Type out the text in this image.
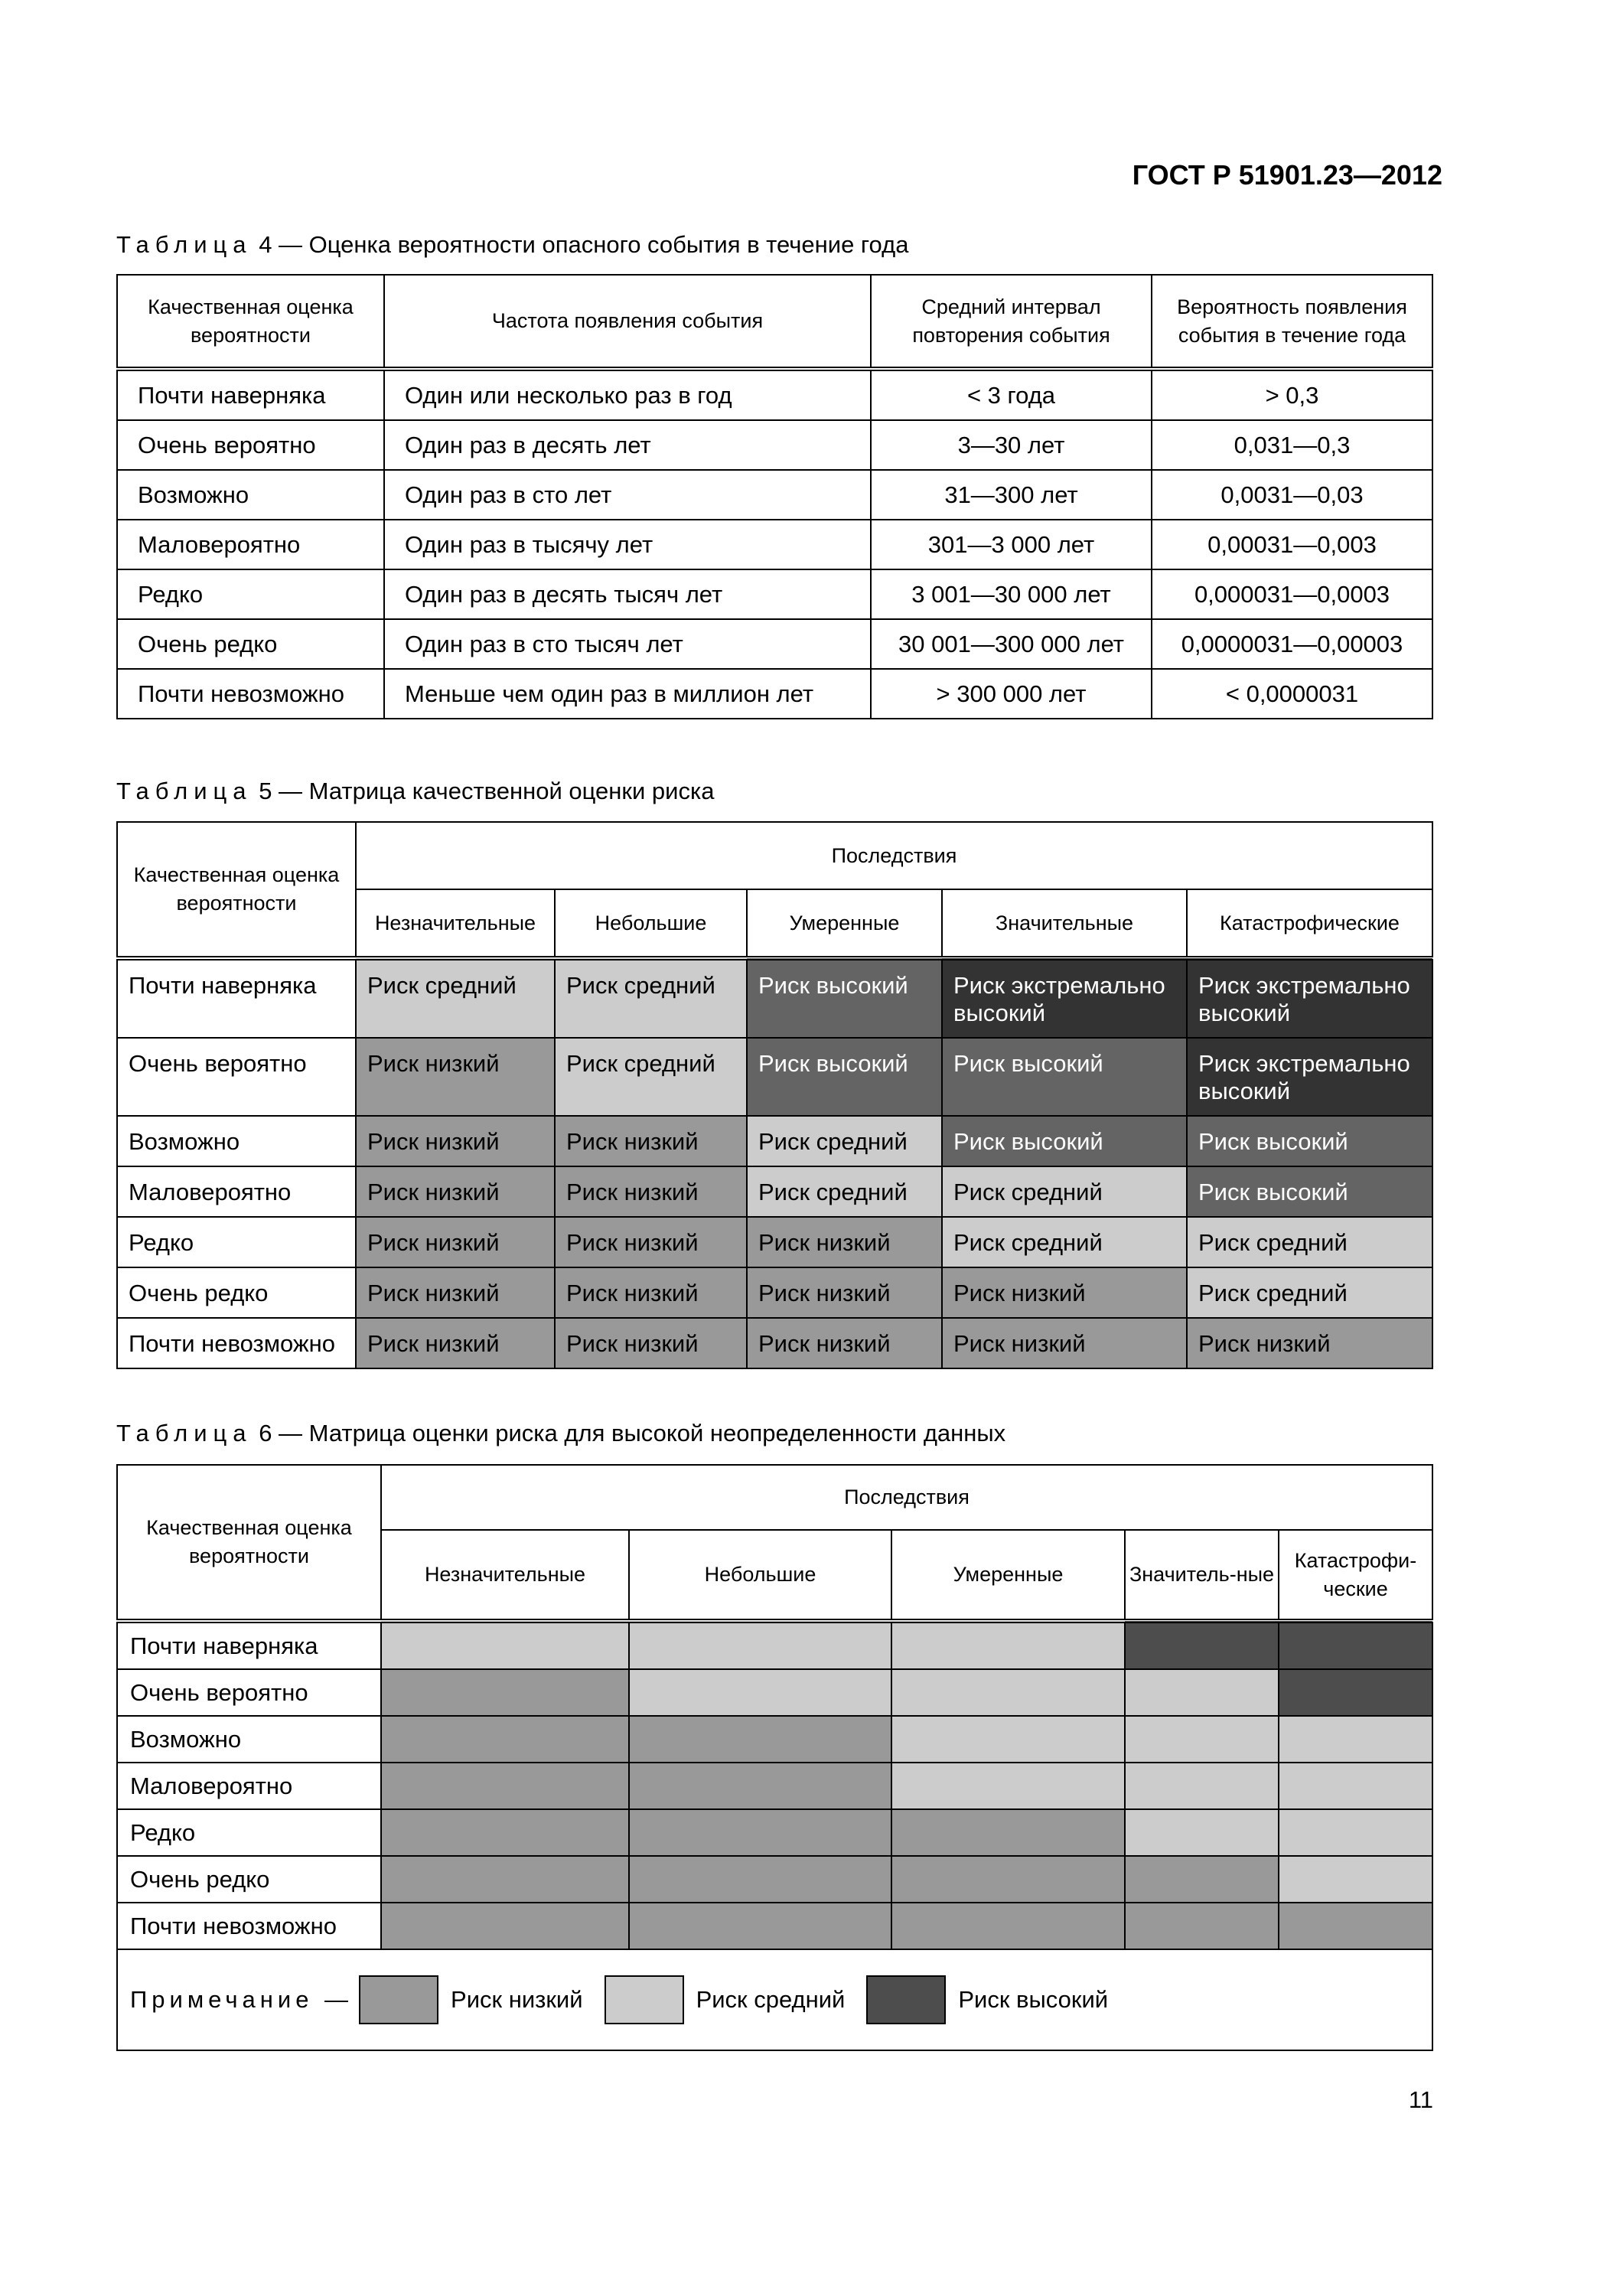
ГОСТ Р 51901.23—2012
Таблица 4 — Оценка вероятности опасного события в течение года
Качественная оценка вероятности	Частота появления события	Средний интервал повторения события	Вероятность появления события в течение года
Почти наверняка	Один или несколько раз в год	< 3 года	> 0,3
Очень вероятно	Один раз в десять лет	3—30 лет	0,031—0,3
Возможно	Один раз в сто лет	31—300 лет	0,0031—0,03
Маловероятно	Один раз в тысячу лет	301—3 000 лет	0,00031—0,003
Редко	Один раз в десять тысяч лет	3 001—30 000 лет	0,000031—0,0003
Очень редко	Один раз в сто тысяч лет	30 001—300 000 лет	0,0000031—0,00003
Почти невозможно	Меньше чем один раз в миллион лет	> 300 000 лет	< 0,0000031
Таблица 5 — Матрица качественной оценки риска
Качественная оценка вероятности	Последствия				
	Незначительные	Небольшие	Умеренные	Значительные	Катастрофические
Почти наверняка	Риск средний	Риск средний	Риск высокий	Риск экстремально высокий	Риск экстремально высокий
Очень вероятно	Риск низкий	Риск средний	Риск высокий	Риск высокий	Риск экстремально высокий
Возможно	Риск низкий	Риск низкий	Риск средний	Риск высокий	Риск высокий
Маловероятно	Риск низкий	Риск низкий	Риск средний	Риск средний	Риск высокий
Редко	Риск низкий	Риск низкий	Риск низкий	Риск средний	Риск средний
Очень редко	Риск низкий	Риск низкий	Риск низкий	Риск низкий	Риск средний
Почти невозможно	Риск низкий	Риск низкий	Риск низкий	Риск низкий	Риск низкий
Таблица 6 — Матрица оценки риска для высокой неопределенности данных
Качественная оценка вероятности	Последствия				
	Незначительные	Небольшие	Умеренные	Значитель-ные	Катастрофи-ческие
Почти наверняка					
Очень вероятно					
Возможно					
Маловероятно					
Редко					
Очень редко					
Почти невозможно					

Примечание — Риск низкий Риск средний Риск высокий					
11
